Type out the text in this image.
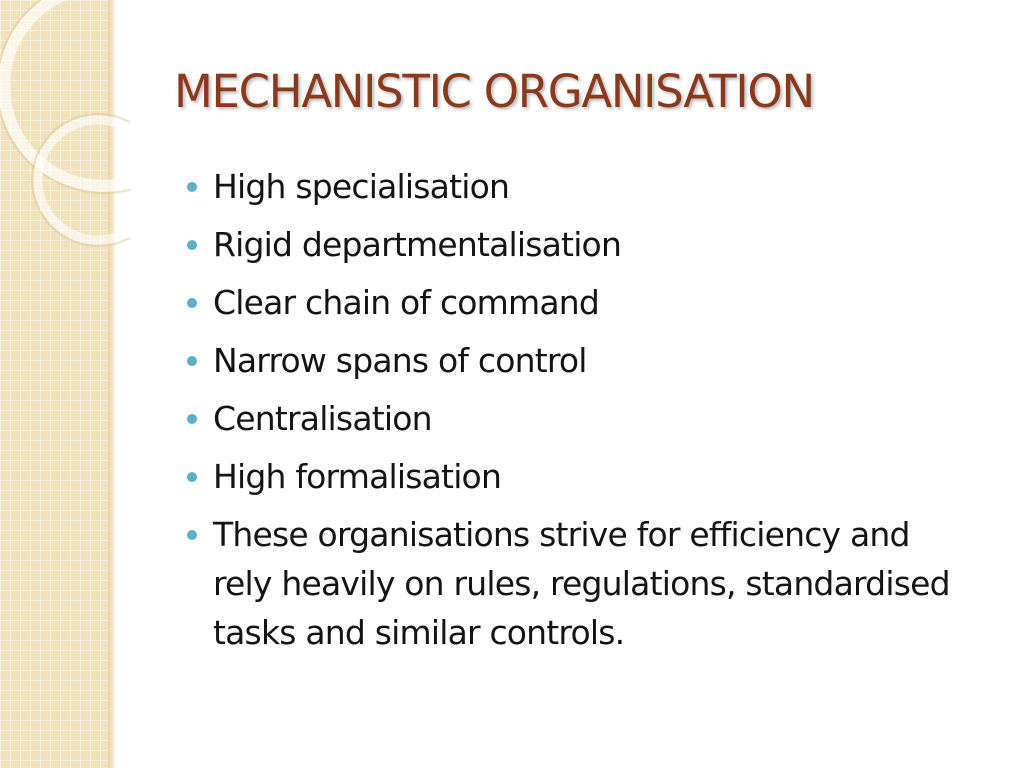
MECHANISTIC ORGANISATION
High specialisation
Rigid departmentalisation
Clear chain of command
Narrow spans of control
Centralisation
High formalisation
These organisations strive for efficiency and rely heavily on rules, regulations, standardised tasks and similar controls.
